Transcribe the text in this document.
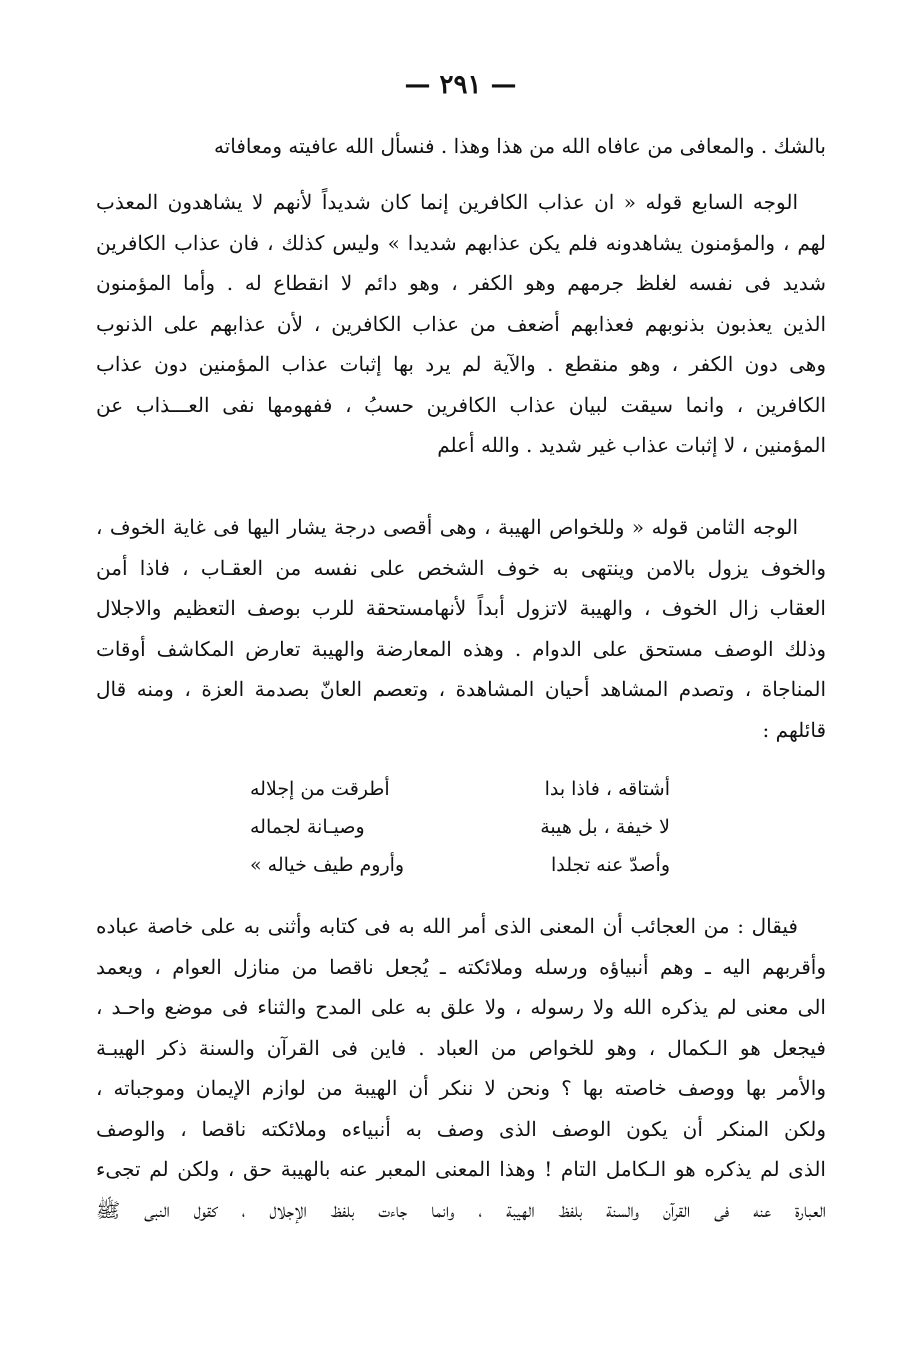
— ٢٩١ —
بالشك . والمعافى من عافاه الله من هذا وهذا . فنسأل الله عافيته ومعافاته
الوجه السابع قوله « ان عذاب الكافرين إنما كان شديداً لأنهم لا يشاهدون المعذب
لهم ، والمؤمنون يشاهدونه فلم يكن عذابهم شديدا » وليس كذلك ، فان عذاب الكافرين
شديد فى نفسه لغلظ جرمهم وهو الكفر ، وهو دائم لا انقطاع له . وأما المؤمنون
الذين يعذبون بذنوبهم فعذابهم أضعف من عذاب الكافرين ، لأن عذابهم على الذنوب
وهى دون الكفر ، وهو منقطع . والآية لم يرد بها إثبات عذاب المؤمنين دون عذاب
الكافرين ، وانما سيقت لبيان عذاب الكافرين حسبُ ، ففهومها نفى العـــذاب عن
المؤمنين ، لا إثبات عذاب غير شديد . والله أعلم
الوجه الثامن قوله « وللخواص الهيبة ، وهى أقصى درجة يشار اليها فى غاية الخوف ،
والخوف يزول بالامن وينتهى به خوف الشخص على نفسه من العقـاب ، فاذا أمن
العقاب زال الخوف ، والهيبة لاتزول أبداً لأنهامستحقة للرب بوصف التعظيم والاجلال
وذلك الوصف مستحق على الدوام . وهذه المعارضة والهيبة تعارض المكاشف أوقات
المناجاة ، وتصدم المشاهد أحيان المشاهدة ، وتعصم العانّ بصدمة العزة ، ومنه قال
قائلهم :
أشتاقه ، فاذا بدا
أطرقت من إجلاله
لا خيفة ، بل هيبة
وصيـانة لجماله
وأصدّ عنه تجلدا
وأروم طيف خياله »
فيقال : من العجائب أن المعنى الذى أمر الله به فى كتابه وأثنى به على خاصة عباده
وأقربهم اليه ـ وهم أنبياؤه ورسله وملائكته ـ يُجعل ناقصا من منازل العوام ، ويعمد
الى معنى لم يذكره الله ولا رسوله ، ولا علق به على المدح والثناء فى موضع واحـد ،
فيجعل هو الـكمال ، وهو للخواص من العباد . فاين فى القرآن والسنة ذكر الهيبـة
والأمر بها ووصف خاصته بها ؟ ونحن لا ننكر أن الهيبة من لوازم الإيمان وموجباته ،
ولكن المنكر أن يكون الوصف الذى وصف به أنبياءه وملائكته ناقصا ، والوصف
الذى لم يذكره هو الـكامل التام ! وهذا المعنى المعبر عنه بالهيبة حق ، ولكن لم تجىء
العبارة عنه فى القرآن والسنة بلفظ الهيبة ، وانما جاءت بلفظ الإجلال ، كقول النبى ﷺ
